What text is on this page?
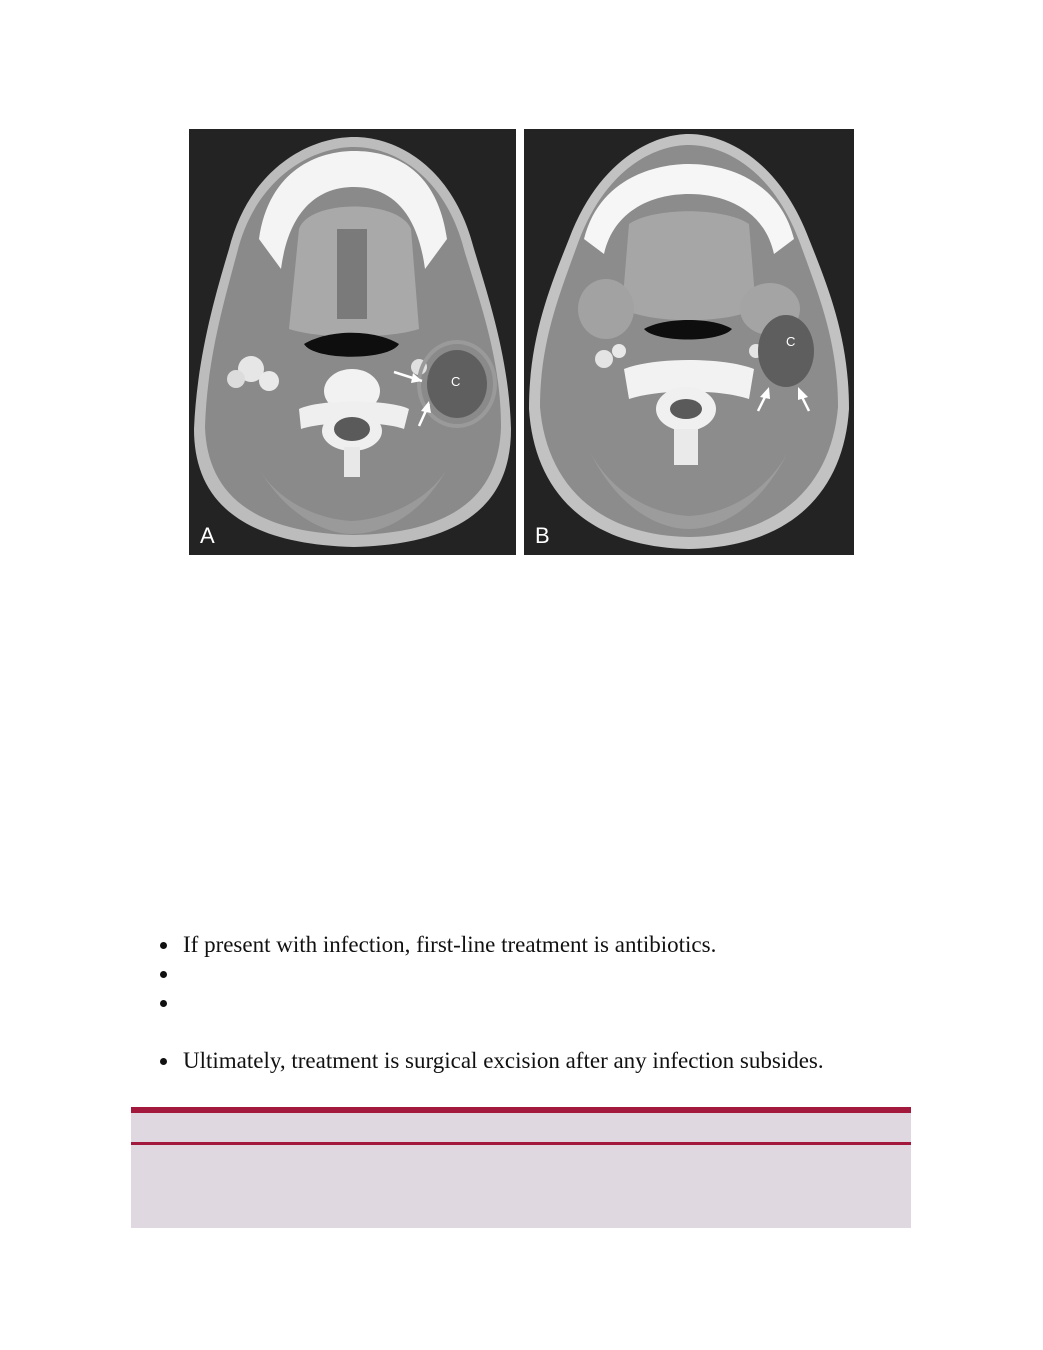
C
A
C
B
If present with infection, first-line treatment is antibiotics.
Ultimately, treatment is surgical excision after any infection subsides.
